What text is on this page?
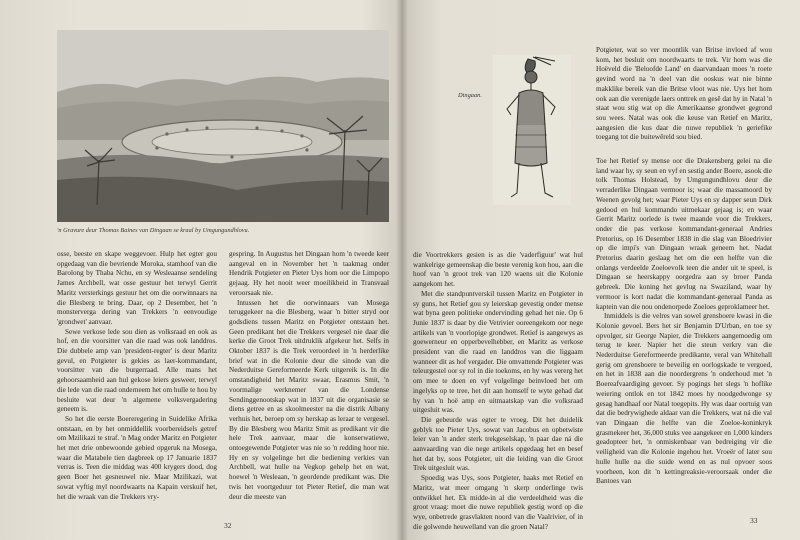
'n Gravure deur Thomas Baines van Dingaan se kraal by Umgungundhlovu.

osse, beeste en skape weggevoer. Hulp het egter gou opgedaag van die bevriende Moroka, stamhoof van die Barolong by Thaba Nchu, en sy Wesleaanse sendeling James Archbell, wat osse gestuur het terwyl Gerrit Maritz versterkings gestuur het om die oorwinnaars na die Blesberg te bring. Daar, op 2 Desember, het 'n monsterverga dering van Trekkers 'n eenvoudige 'grondwet' aanvaar.

Sewe verkose lede sou dien as volksraad en ook as hof, en die voorsitter van die raad was ook landdros. Die dubbele amp van 'president-regter' is deur Maritz gevul, en Potgieter is gekies as laer-kommandant, voorsitter van die burgerraad. Alle mans het gehoorsaamheid aan hul gekose leiers gesweer, terwyl die lede van die raad onderneem het om hulle te hou by besluite wat deur 'n algemene volksvergadering geneem is.

So het die eerste Boereregering in Suidelike Afrika ontstaan, en by het onmiddellik voorbereidsels getref om Mzilikazi te straf. 'n Mag onder Maritz en Potgieter het met drie onbewoonde gebied opgeruk na Mosega, waar die Matabele tien dagbreek op 17 Januarie 1837 verras is. Teen die middag was 400 krygers dood, dog geen Boer het gesneuwel nie. Maar Mzilikazi, wat sowat vyftig myl noordwaarts na Kapain verskuif het, het die wraak van die Trekkers vry-

gespring. In Augustus het Dingaan hom 'n tweede keer aangeval en in November het 'n taakmag onder Hendrik Potgieter en Pieter Uys hom oor die Limpopo gejaag. Hy het nooit weer moeilikheid in Transvaal veroorsaak nie.

Intussen het die oorwinnaars van Mosega teruggekeer na die Blesberg, waar 'n bitter stryd oor godsdiens tussen Maritz en Potgieter ontstaan het. Geen predikant het die Trekkers vergesel nie daar die kerke die Groot Trek uitdruklik afgekeur het. Selfs in Oktober 1837 is die Trek veroordeel in 'n herderlike brief wat in die Kolonie deur die sinode van die Nederduitse Gereformeerde Kerk uitgereik is. In die omstandigheid het Maritz swaar, Erasmus Smit, 'n voormalige werknemer van die Londense Sendinggenootskap wat in 1837 uit die organisasie se diens getree en as skoolmeester na die distrik Albany verhuis het, beroep om sy herskap as leraar te vergesel. By die Blesberg wou Maritz Smit as predikant vir die hele Trek aanvaar, maar die konserwatiewe, ontoegewende Potgieter was nie so 'n redding hoor nie. Hy en sy volgelinge het die bediening verkies van Archbell, wat hulle na Vegkop gehelp het en wat, hoewel 'n Wesleaan, 'n geordende predikant was. Die twis het voortgeduur tot Pieter Retief, die man wat deur die meeste van

32
33
Dingaan.

die Voortrekkers gesien is as die 'vaderfiguur' wat hul wankelrige gemeenskap die beste verenig kon hou, aan die hoof van 'n groot trek van 120 waens uit die Kolonie aangekom het.

Met die standpuntverskil tussen Maritz en Potgieter in sy guns, het Retief gou sy leierskap gevestig onder mense wat bynа geen politieke ondervinding gehad het nie. Op 6 Junie 1837 is daar by die Vetrivier ooreengekom oor nege artikels van 'n voorlopige grondwet. Retief is aangewys as goewerneur en opperbevelhebber, en Maritz as verkose president van die raad en landdros van die liggaam wanneer dit as hof vergader. Die omvattende Potgieter was teleurgestel oor sy rol in die toekoms, en hy was vererg het om mee te doen en vyf volgelinge beinvloed het om ingelyks op te tree, het dit aan homself te wyte gehad dat hy van 'n hoë amp en uitmaatskap van die volksraad uitgesluit was.

Die gebeurde was egter te vroeg. Dit het duidelik geblyk toe Pieter Uys, sowat van Jacobus en opbetwiste leier van 'n ander sterk trekgeselskap, 'n paar dae ná die aanvaarding van die nege artikels opgedaag het en besef het dat by, soos Potgieter, uit die leiding van die Groot Trek uitgesluit was.

Spoedig was Uys, soos Potgieter, haaks met Retief en Maritz, wat meer omgang 'n skerp onderlinge twis ontwikkel het. Ek midde-in al die verdeeldheid was die groot vraag: moet die nuwe republiek gestig word op die wye, onbetrede grasvlakten noord van die Vaalrivier, of in die golwende heuwelland van die groen Natal?

Potgieter, wat so ver moontlik van Britse invloed af wou kom, het besluit om noordwaarts te trek. Vir hom was die Hoëveld die 'Beloofde Land' en daarvandaan moes 'n roete gevind word na 'n deel van die ooskus wat nie binne makklike bereik van die Britse vloot was nie. Uys het hom ook aan die verenigde laers onttrek en gesê dat hy in Natal 'n staat wou stig wat op die Amerikaanse grondwet gegrond sou wees. Natal was ook die keuse van Retief en Maritz, aangesien die kus daar die nuwe republiek 'n geriefike toegang tot die buitewêreld sou bied.

Toe het Retief sy mense oor die Drakensberg gelei na die land waar hy, sy seun en vyf en sestig ander Boere, asook die tolk Thomas Holstead, by Umgungundhlovu deur die verraderlike Dingaan vermoor is; waar die massamoord by Weenen gevolg het; waar Pieter Uys en sy dapper seun Dirk gedood en hul kommando uitmekaar gejaag is; en waar Gerrit Maritz oorlede is twee maande voor die Trekkers, onder die pas verkose kommandant-generaal Andries Pretorius, op 16 Desember 1838 in die slag van Bloedrivier op die impi's van Dingaan wraak geneem het. Nadat Pretorius daarin geslaag het om die een helfte van die onlangs verdeelde Zoeloevolk teen die ander uit te speel, is Dingaan se heerskappy oorgedra aan sy broer Panda gebreek. Die koning het gevlug na Swaziland, waar hy vermoor is kort nadat die kommandant-generaal Panda as kaptein van die nou ondenorpede Zoeloes geproklameer het.

Inmiddels is die velres van sowel grensboere kwasi in die Kolonie gevoel. Bers het sir Benjamin D'Urban, en toe sy opvolger, sir George Napier, die Trekkers aangemoedig om terug te keer. Napier het die steun verkry van die Nederduitse Gereformeerde predikante, veral van Whitehall gerig om grensboere te beveilig en oorlogskade te vergoed, en het in 1838 aan die noordergrens 'n onderhoud met 'n Boereafvaardiging gevoer. Sy pogings het slegs 'n hoflike weiering ontlok en tot 1842 moes hy noodgedwonge sy gesag handhaaf oor Natal toegepits. Hy was daar oortuig van dat die bedrywighede aldaar van die Trekkers, wat ná die val van Dingaan die helfte van die Zoeloe-koninkryk grasmekeer het, 36,000 stuks vee aangekeer en 1,000 kinders geadopteer het, 'n onmiskenbaar van bedreiging vir die veiligheid van die Kolonie ingehou het. Vroeër of later sou hulle hulle na die suide wend en as nul opvoer soos voorheen, kon dit 'n kettingreaksie-veroorsaak onder die Bantoes van
